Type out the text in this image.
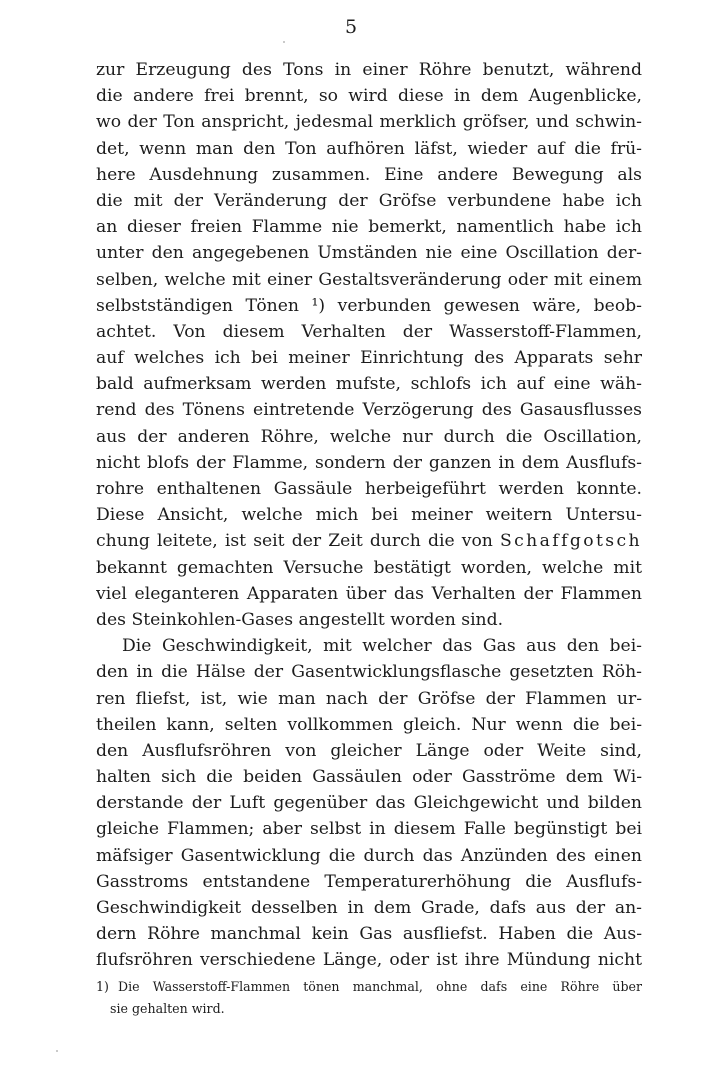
5
zur Erzeugung des Tons in einer Röhre benutzt, während
die andere frei brennt, so wird diese in dem Augenblicke,
wo der Ton anspricht, jedesmal merklich gröfser, und schwin-
det, wenn man den Ton aufhören läfst, wieder auf die frü-
here Ausdehnung zusammen. Eine andere Bewegung als
die mit der Veränderung der Gröfse verbundene habe ich
an dieser freien Flamme nie bemerkt, namentlich habe ich
unter den angegebenen Umständen nie eine Oscillation der-
selben, welche mit einer Gestaltsveränderung oder mit einem
selbstständigen Tönen ¹) verbunden gewesen wäre, beob-
achtet. Von diesem Verhalten der Wasserstoff-Flammen,
auf welches ich bei meiner Einrichtung des Apparats sehr
bald aufmerksam werden mufste, schlofs ich auf eine wäh-
rend des Tönens eintretende Verzögerung des Gasausflusses
aus der anderen Röhre, welche nur durch die Oscillation,
nicht blofs der Flamme, sondern der ganzen in dem Ausflufs-
rohre enthaltenen Gassäule herbeigeführt werden konnte.
Diese Ansicht, welche mich bei meiner weitern Untersu-
chung leitete, ist seit der Zeit durch die von Schaffgotsch
bekannt gemachten Versuche bestätigt worden, welche mit
viel eleganteren Apparaten über das Verhalten der Flammen
des Steinkohlen-Gases angestellt worden sind.
Die Geschwindigkeit, mit welcher das Gas aus den bei-
den in die Hälse der Gasentwicklungsflasche gesetzten Röh-
ren fliefst, ist, wie man nach der Gröfse der Flammen ur-
theilen kann, selten vollkommen gleich. Nur wenn die bei-
den Ausflufsröhren von gleicher Länge oder Weite sind,
halten sich die beiden Gassäulen oder Gasströme dem Wi-
derstande der Luft gegenüber das Gleichgewicht und bilden
gleiche Flammen; aber selbst in diesem Falle begünstigt bei
mäfsiger Gasentwicklung die durch das Anzünden des einen
Gasstroms entstandene Temperaturerhöhung die Ausflufs-
Geschwindigkeit desselben in dem Grade, dafs aus der an-
dern Röhre manchmal kein Gas ausfliefst. Haben die Aus-
flufsröhren verschiedene Länge, oder ist ihre Mündung nicht
1) Die Wasserstoff-Flammen tönen manchmal, ohne dafs eine Röhre über
sie gehalten wird.
